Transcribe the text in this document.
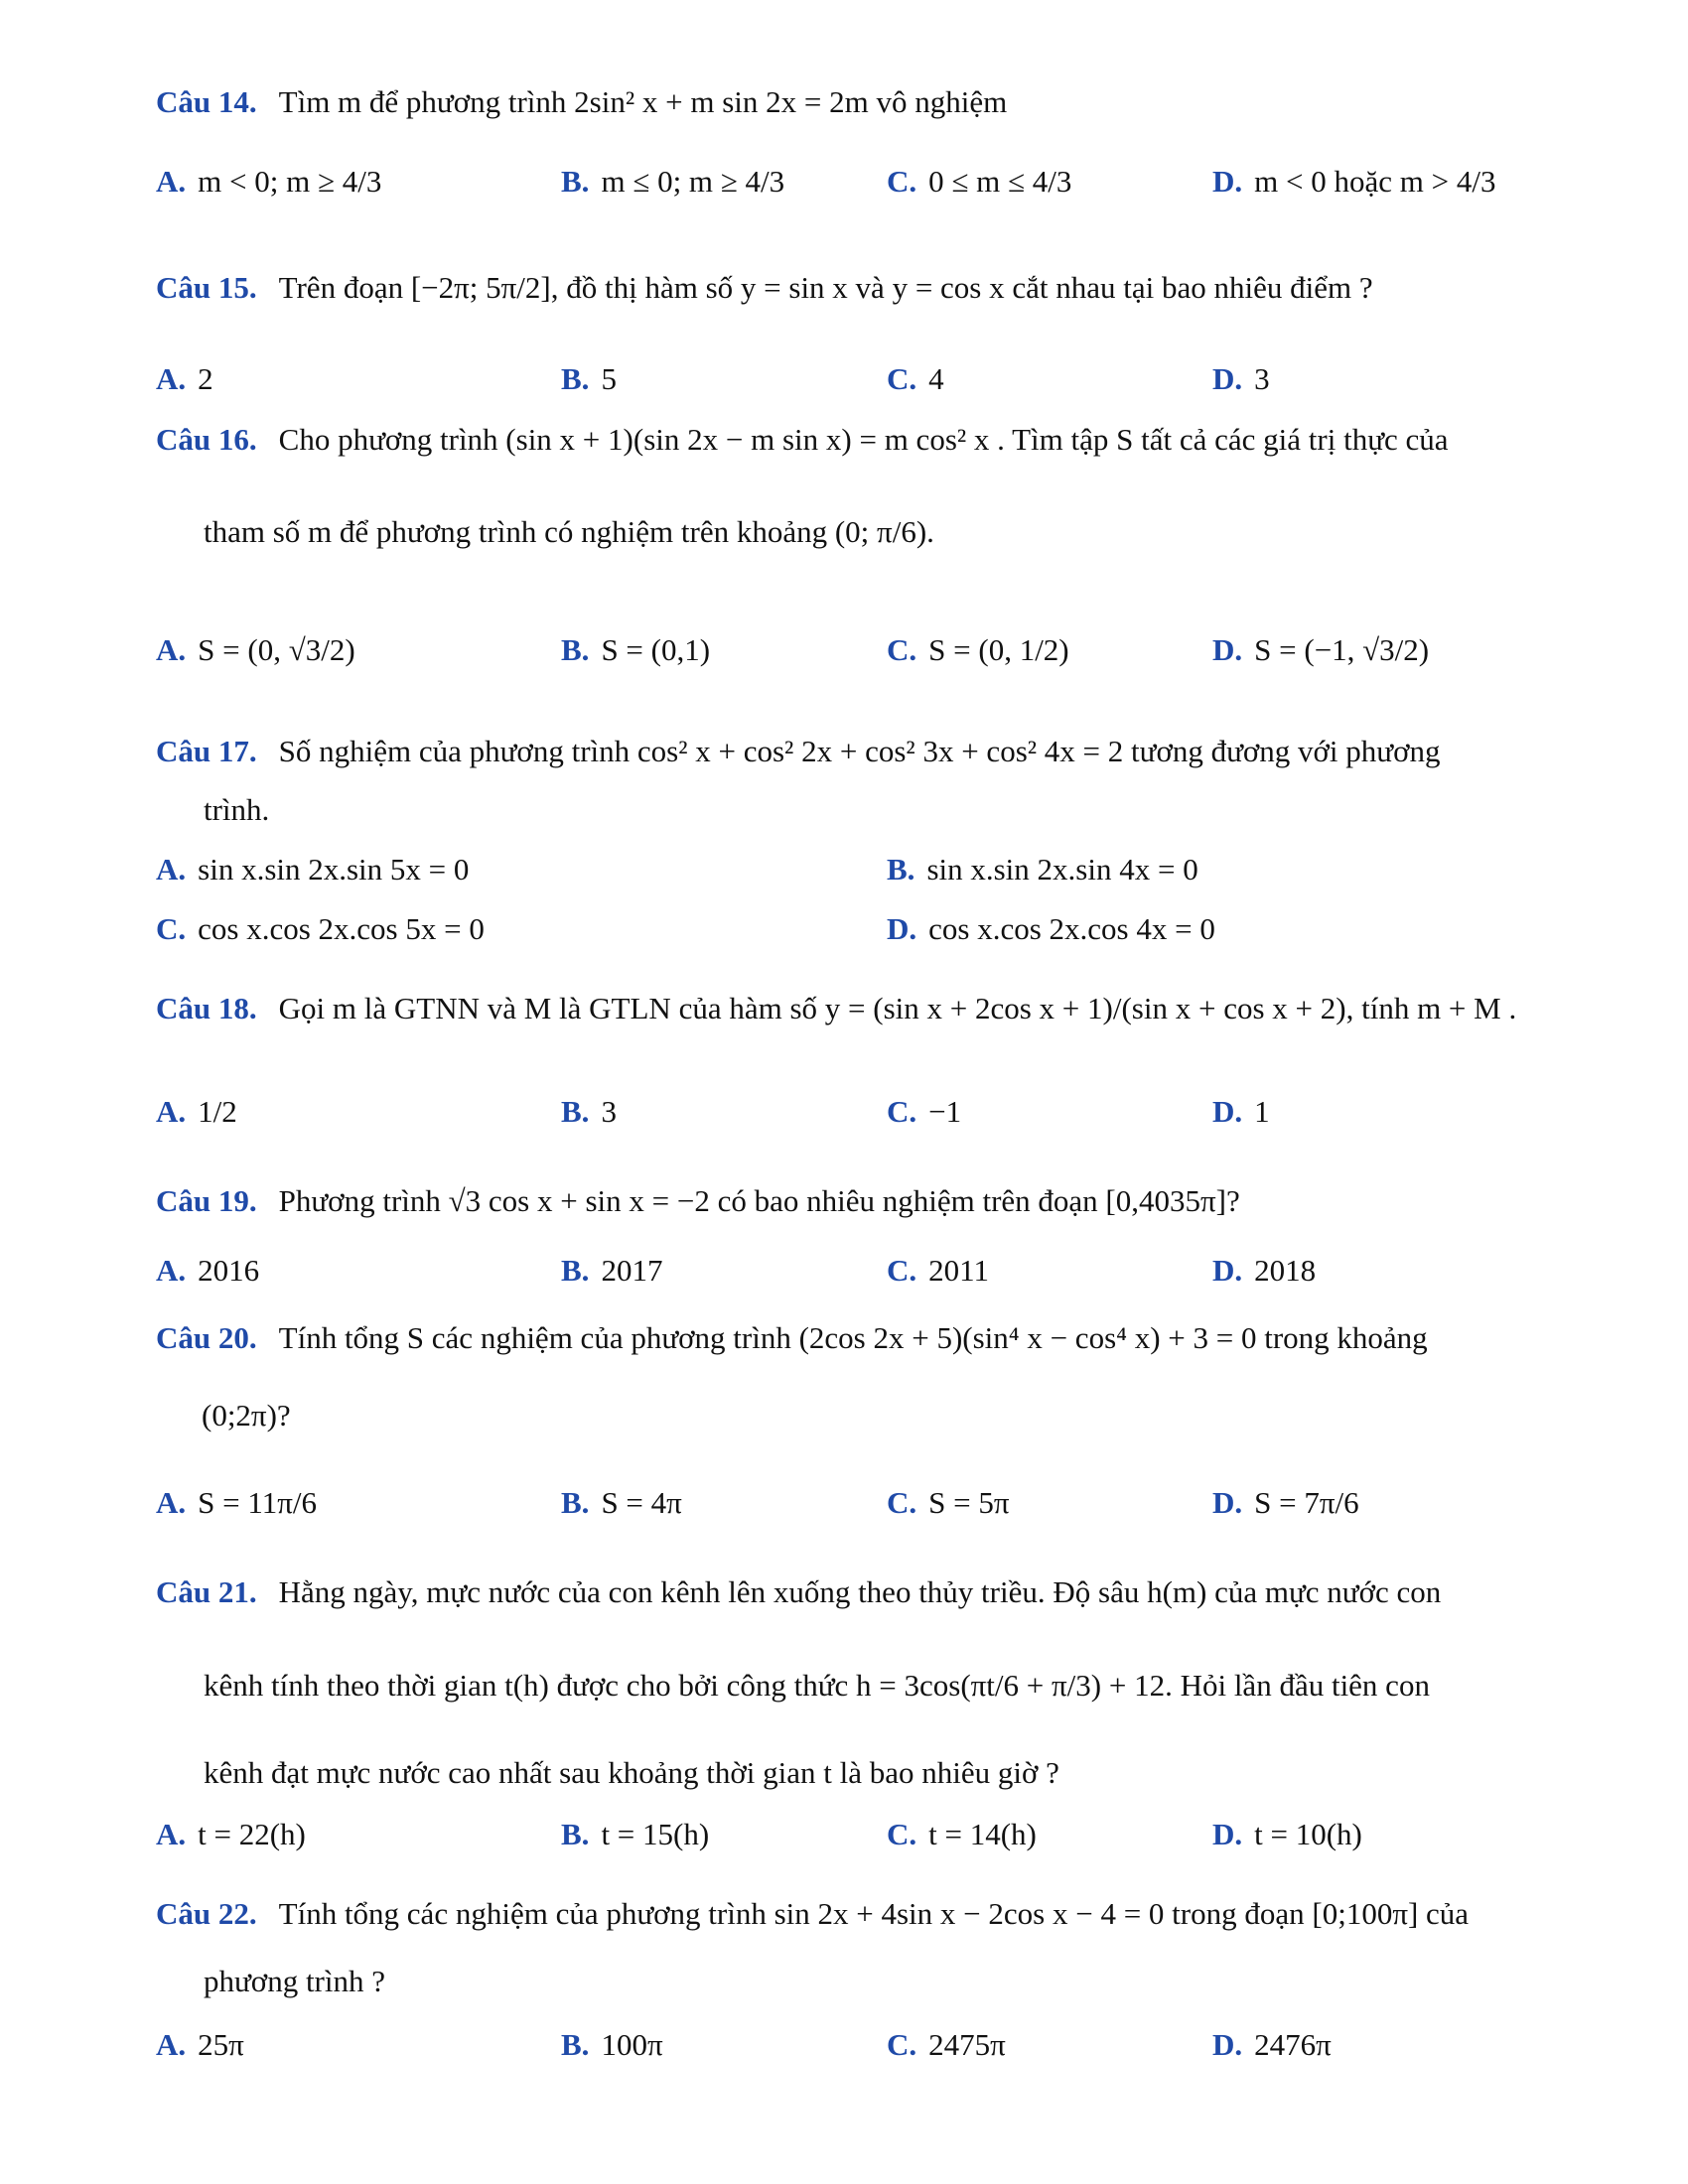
Câu 14. Tìm m để phương trình 2sin² x + m sin 2x = 2m vô nghiệm
A. m < 0; m ≥ 4/3	B. m ≤ 0; m ≥ 4/3	C. 0 ≤ m ≤ 4/3	D. m < 0 hoặc m > 4/3
Câu 15. Trên đoạn [−2π; 5π/2], đồ thị hàm số y = sin x và y = cos x cắt nhau tại bao nhiêu điểm ?
A. 2	B. 5	C. 4	D. 3
Câu 16. Cho phương trình (sin x + 1)(sin 2x − m sin x) = m cos² x . Tìm tập S tất cả các giá trị thực của
tham số m để phương trình có nghiệm trên khoảng (0; π/6).
A. S = (0, √3/2)	B. S = (0,1)	C. S = (0, 1/2)	D. S = (−1, √3/2)
Câu 17. Số nghiệm của phương trình cos² x + cos² 2x + cos² 3x + cos² 4x = 2 tương đương với phương
trình.
A. sin x.sin 2x.sin 5x = 0	B. sin x.sin 2x.sin 4x = 0
C. cos x.cos 2x.cos 5x = 0	D. cos x.cos 2x.cos 4x = 0
Câu 18. Gọi m là GTNN và M là GTLN của hàm số y = (sin x + 2cos x + 1)/(sin x + cos x + 2), tính m + M .
A. 1/2	B. 3	C. −1	D. 1
Câu 19. Phương trình √3 cos x + sin x = −2 có bao nhiêu nghiệm trên đoạn [0,4035π]?
A. 2016	B. 2017	C. 2011	D. 2018
Câu 20. Tính tổng S các nghiệm của phương trình (2cos 2x + 5)(sin⁴ x − cos⁴ x) + 3 = 0 trong khoảng
(0;2π)?
A. S = 11π/6	B. S = 4π	C. S = 5π	D. S = 7π/6
Câu 21. Hằng ngày, mực nước của con kênh lên xuống theo thủy triều. Độ sâu h(m) của mực nước con
kênh tính theo thời gian t(h) được cho bởi công thức h = 3cos(πt/6 + π/3) + 12. Hỏi lần đầu tiên con
kênh đạt mực nước cao nhất sau khoảng thời gian t là bao nhiêu giờ ?
A. t = 22(h)	B. t = 15(h)	C. t = 14(h)	D. t = 10(h)
Câu 22. Tính tổng các nghiệm của phương trình sin 2x + 4sin x − 2cos x − 4 = 0 trong đoạn [0;100π] của
phương trình ?
A. 25π	B. 100π	C. 2475π	D. 2476π
